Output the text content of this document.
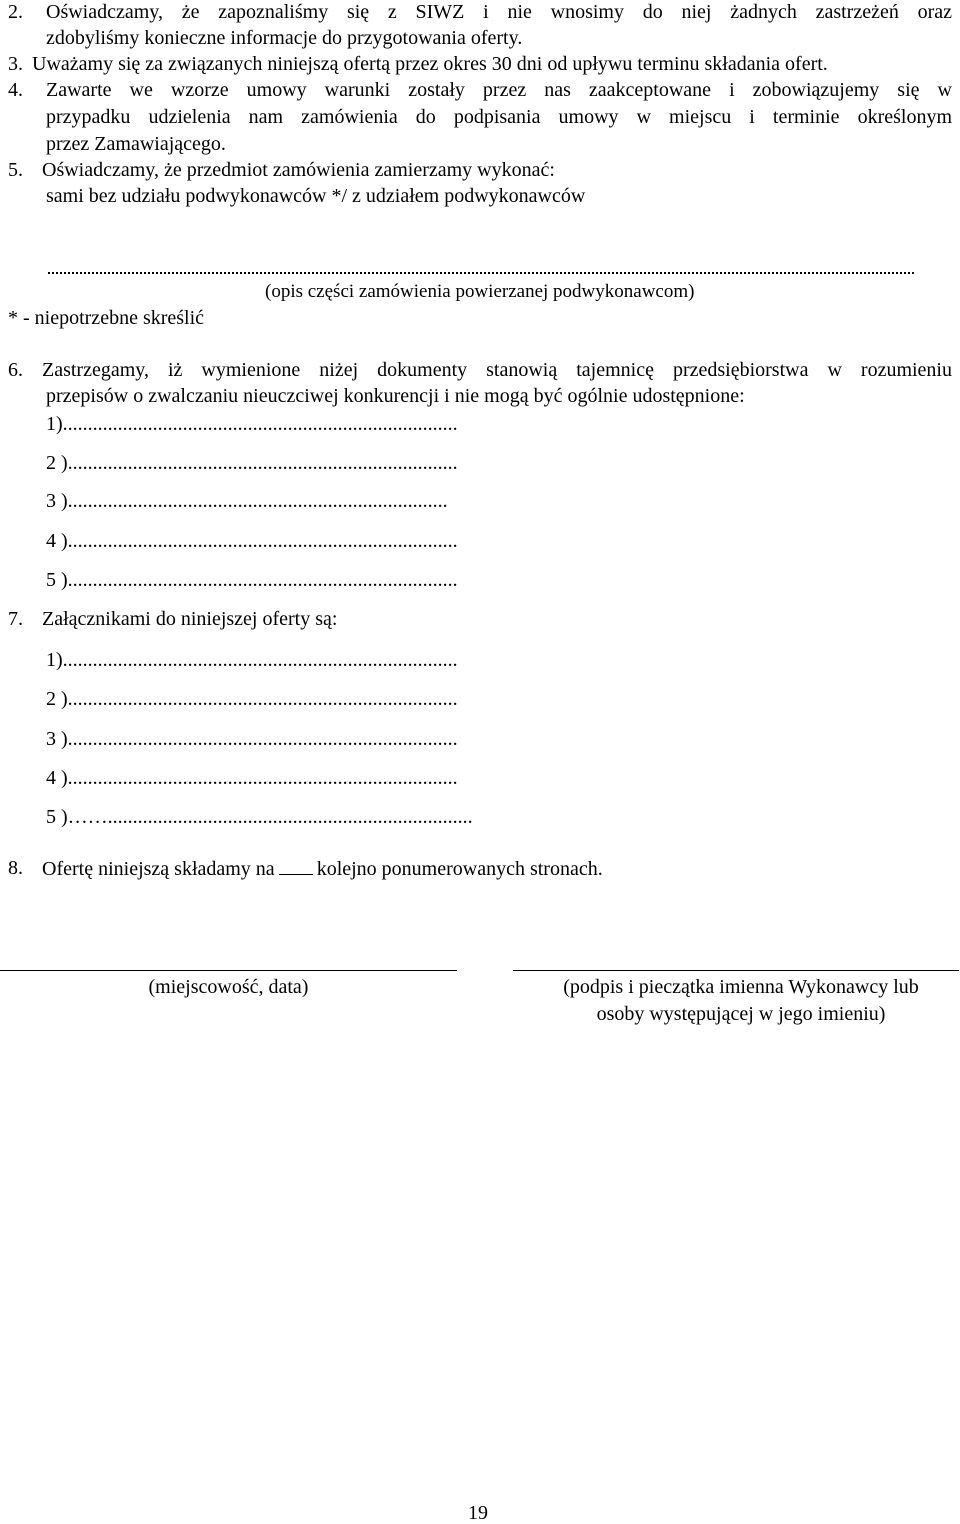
2. Oświadczamy, że zapoznaliśmy się z SIWZ i nie wnosimy do niej żadnych zastrzeżeń oraz
zdobyliśmy konieczne informacje do przygotowania oferty.
3. Uważamy się za związanych niniejszą ofertą przez okres 30 dni od upływu terminu składania ofert.
4. Zawarte we wzorze umowy warunki zostały przez nas zaakceptowane i zobowiązujemy się w
przypadku udzielenia nam zamówienia do podpisania umowy w miejscu i terminie określonym
przez Zamawiającego.
5. Oświadczamy, że przedmiot zamówienia zamierzamy wykonać:
sami bez udziału podwykonawców */ z udziałem podwykonawców
(opis części zamówienia powierzanej podwykonawcom)
* - niepotrzebne skreślić
6. Zastrzegamy, iż wymienione niżej dokumenty stanowią tajemnicę przedsiębiorstwa w rozumieniu
przepisów o zwalczaniu nieuczciwej konkurencji i nie mogą być ogólnie udostępnione:
1)...............................................................................
2 )..............................................................................
3 )............................................................................
4 )..............................................................................
5 )..............................................................................
7. Załącznikami do niniejszej oferty są:
1)...............................................................................
2 )..............................................................................
3 )..............................................................................
4 )..............................................................................
5 )…….........................................................................
8. Ofertę niniejszą składamy na kolejno ponumerowanych stronach.
(miejscowość, data)	(podpis i pieczątka imienna Wykonawcy lub
osoby występującej w jego imieniu)
19
